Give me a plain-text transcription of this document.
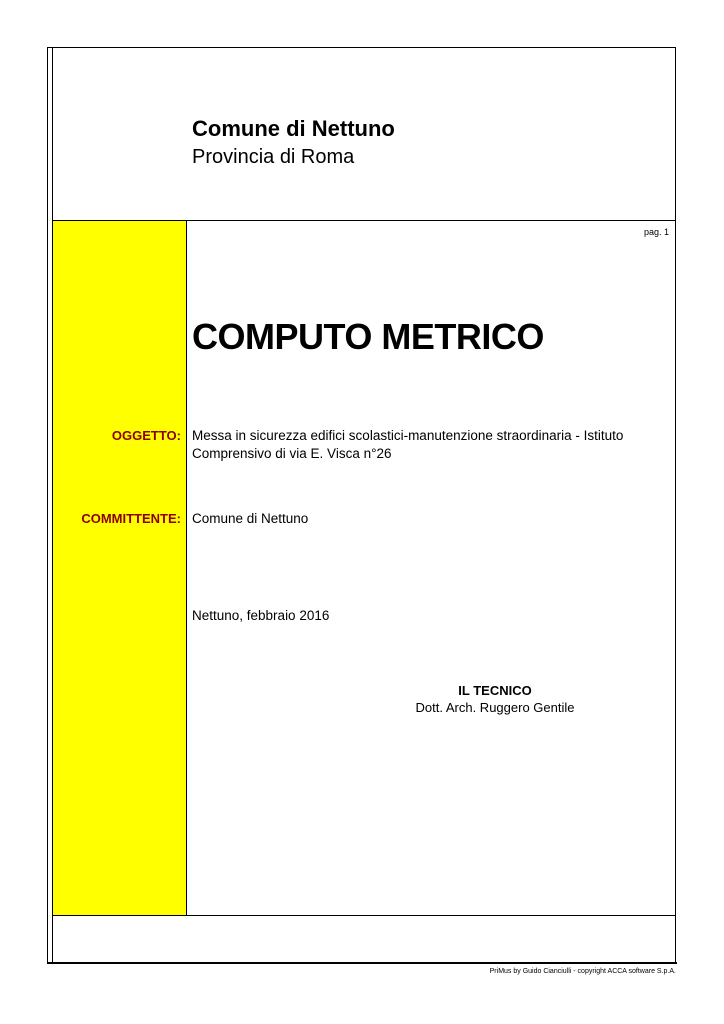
Comune di Nettuno
Provincia di Roma
pag. 1
COMPUTO METRICO
OGGETTO: Messa in sicurezza edifici scolastici-manutenzione straordinaria - Istituto Comprensivo di via E. Visca n°26
COMMITTENTE: Comune di Nettuno
Nettuno, febbraio 2016
IL TECNICO
Dott. Arch. Ruggero Gentile
PriMus by Guido Cianciulli - copyright ACCA software S.p.A.
